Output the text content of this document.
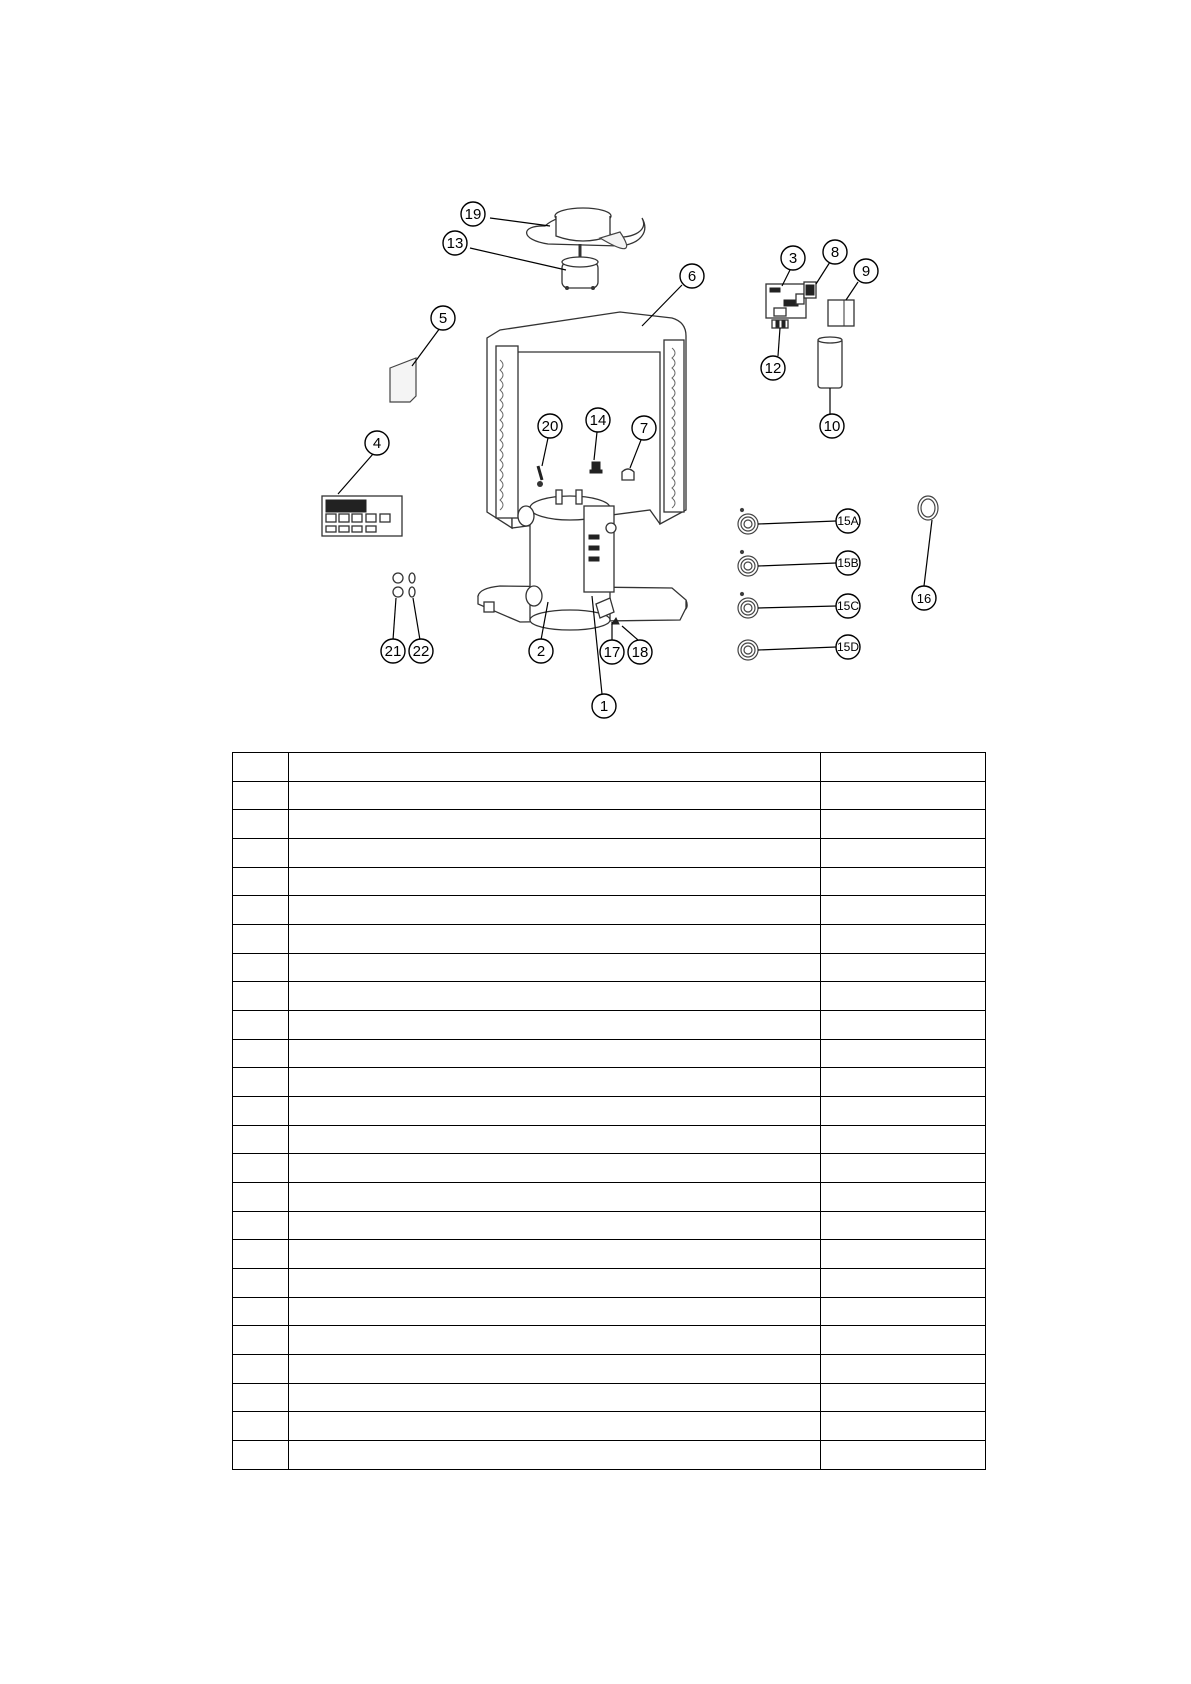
19
13
6
5
4
3 8
9
12
10
20 14 7
15A
15B
15C
15D
16
21 22	2	17 18
1
